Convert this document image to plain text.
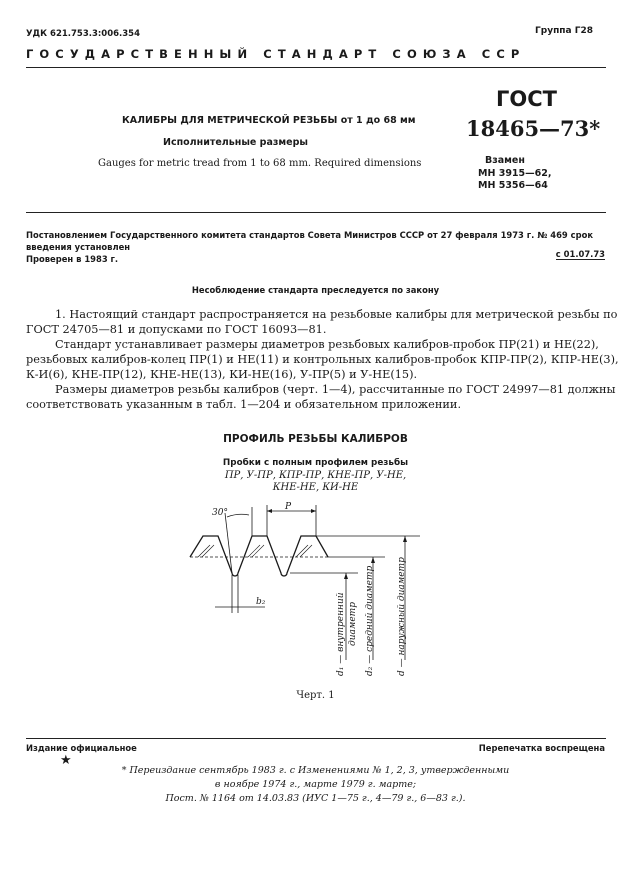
УДК 621.753.3:006.354	Группа Г28
ГОСУДАРСТВЕННЫЙ СТАНДАРТ СОЮЗА ССР
КАЛИБРЫ ДЛЯ МЕТРИЧЕСКОЙ РЕЗЬБЫ от 1 до 68 мм
Исполнительные размеры
Gauges for metric tread from 1 to 68 mm. Required dimensions
ГОСТ
18465—73*
Взамен
МН 3915—62,
МН 5356—64
Постановлением Государственного комитета стандартов Совета Министров СССР от 27 февраля 1973 г. № 469 срок
введения установлен
Проверен в 1983 г.	с 01.07.73
Несоблюдение стандарта преследуется по закону
1. Настоящий стандарт распространяется на резьбовые калибры для метрической резьбы по
ГОСТ 24705—81 и допусками по ГОСТ 16093—81.
Стандарт устанавливает размеры диаметров резьбовых калибров-пробок ПР(21) и НЕ(22),
резьбовых калибров-колец ПР(1) и НЕ(11) и контрольных калибров-пробок КПР-ПР(2), КПР-НЕ(3),
К-И(6), КНЕ-ПР(12), КНЕ-НЕ(13), КИ-НЕ(16), У-ПР(5) и У-НЕ(15).
Размеры диаметров резьбы калибров (черт. 1—4), рассчитанные по ГОСТ 24997—81 должны
соответствовать указанным в табл. 1—204 и обязательном приложении.
ПРОФИЛЬ РЕЗЬБЫ КАЛИБРОВ
Пробки с полным профилем резьбы
ПР, У-ПР, КПР-ПР, КНЕ-ПР, У-НЕ,
КНЕ-НЕ, КИ-НЕ
30°
P
b₂	d₁ — внутренний диаметр d₂ — средний диаметр d — наружный диаметр
Черт. 1
Издание официальное	Перепечатка воспрещена
★
* Переиздание сентябрь 1983 г. с Изменениями № 1, 2, 3, утвержденными
в ноябре 1974 г., марте 1979 г. марте;
Пост. № 1164 от 14.03.83 (ИУС 1—75 г., 4—79 г., 6—83 г.).
